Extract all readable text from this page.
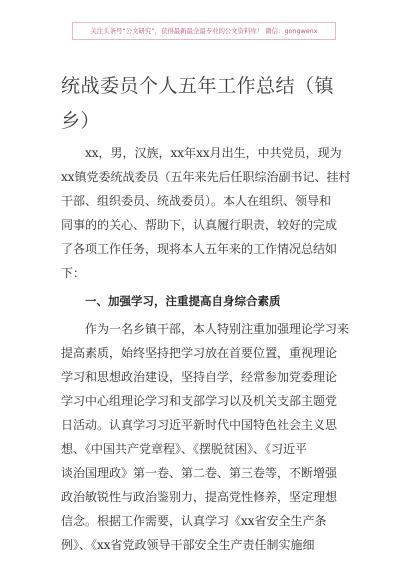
关注头条号“公文研究”，获得最新最全最专业的公文资料库！ 微信：gongwenx
统战委员个人五年工作总结（镇
乡）
xx，男，汉族，xx年xx月出生，中共党员，现为
xx镇党委统战委员（五年来先后任职综治副书记、挂村
干部、组织委员、统战委员）。本人在组织、领导和
同事的的关心、帮助下，认真履行职责，较好的完成
了各项工作任务，现将本人五年来的工作情况总结如
下：
一、加强学习，注重提高自身综合素质
作为一名乡镇干部，本人特别注重加强理论学习来
提高素质，始终坚持把学习放在首要位置，重视理论
学习和思想政治建设，坚持自学，经常参加党委理论
学习中心组理论学习和支部学习以及机关支部主题党
日活动。认真学习习近平新时代中国特色社会主义思
想、《中国共产党章程》、《摆脱贫困》、《习近平
谈治国理政》第一卷、第二卷、第三卷等，不断增强
政治敏锐性与政治鉴别力，提高党性修养，坚定理想
信念。根据工作需要，认真学习《xx省安全生产条
例》、《xx省党政领导干部安全生产责任制实施细
